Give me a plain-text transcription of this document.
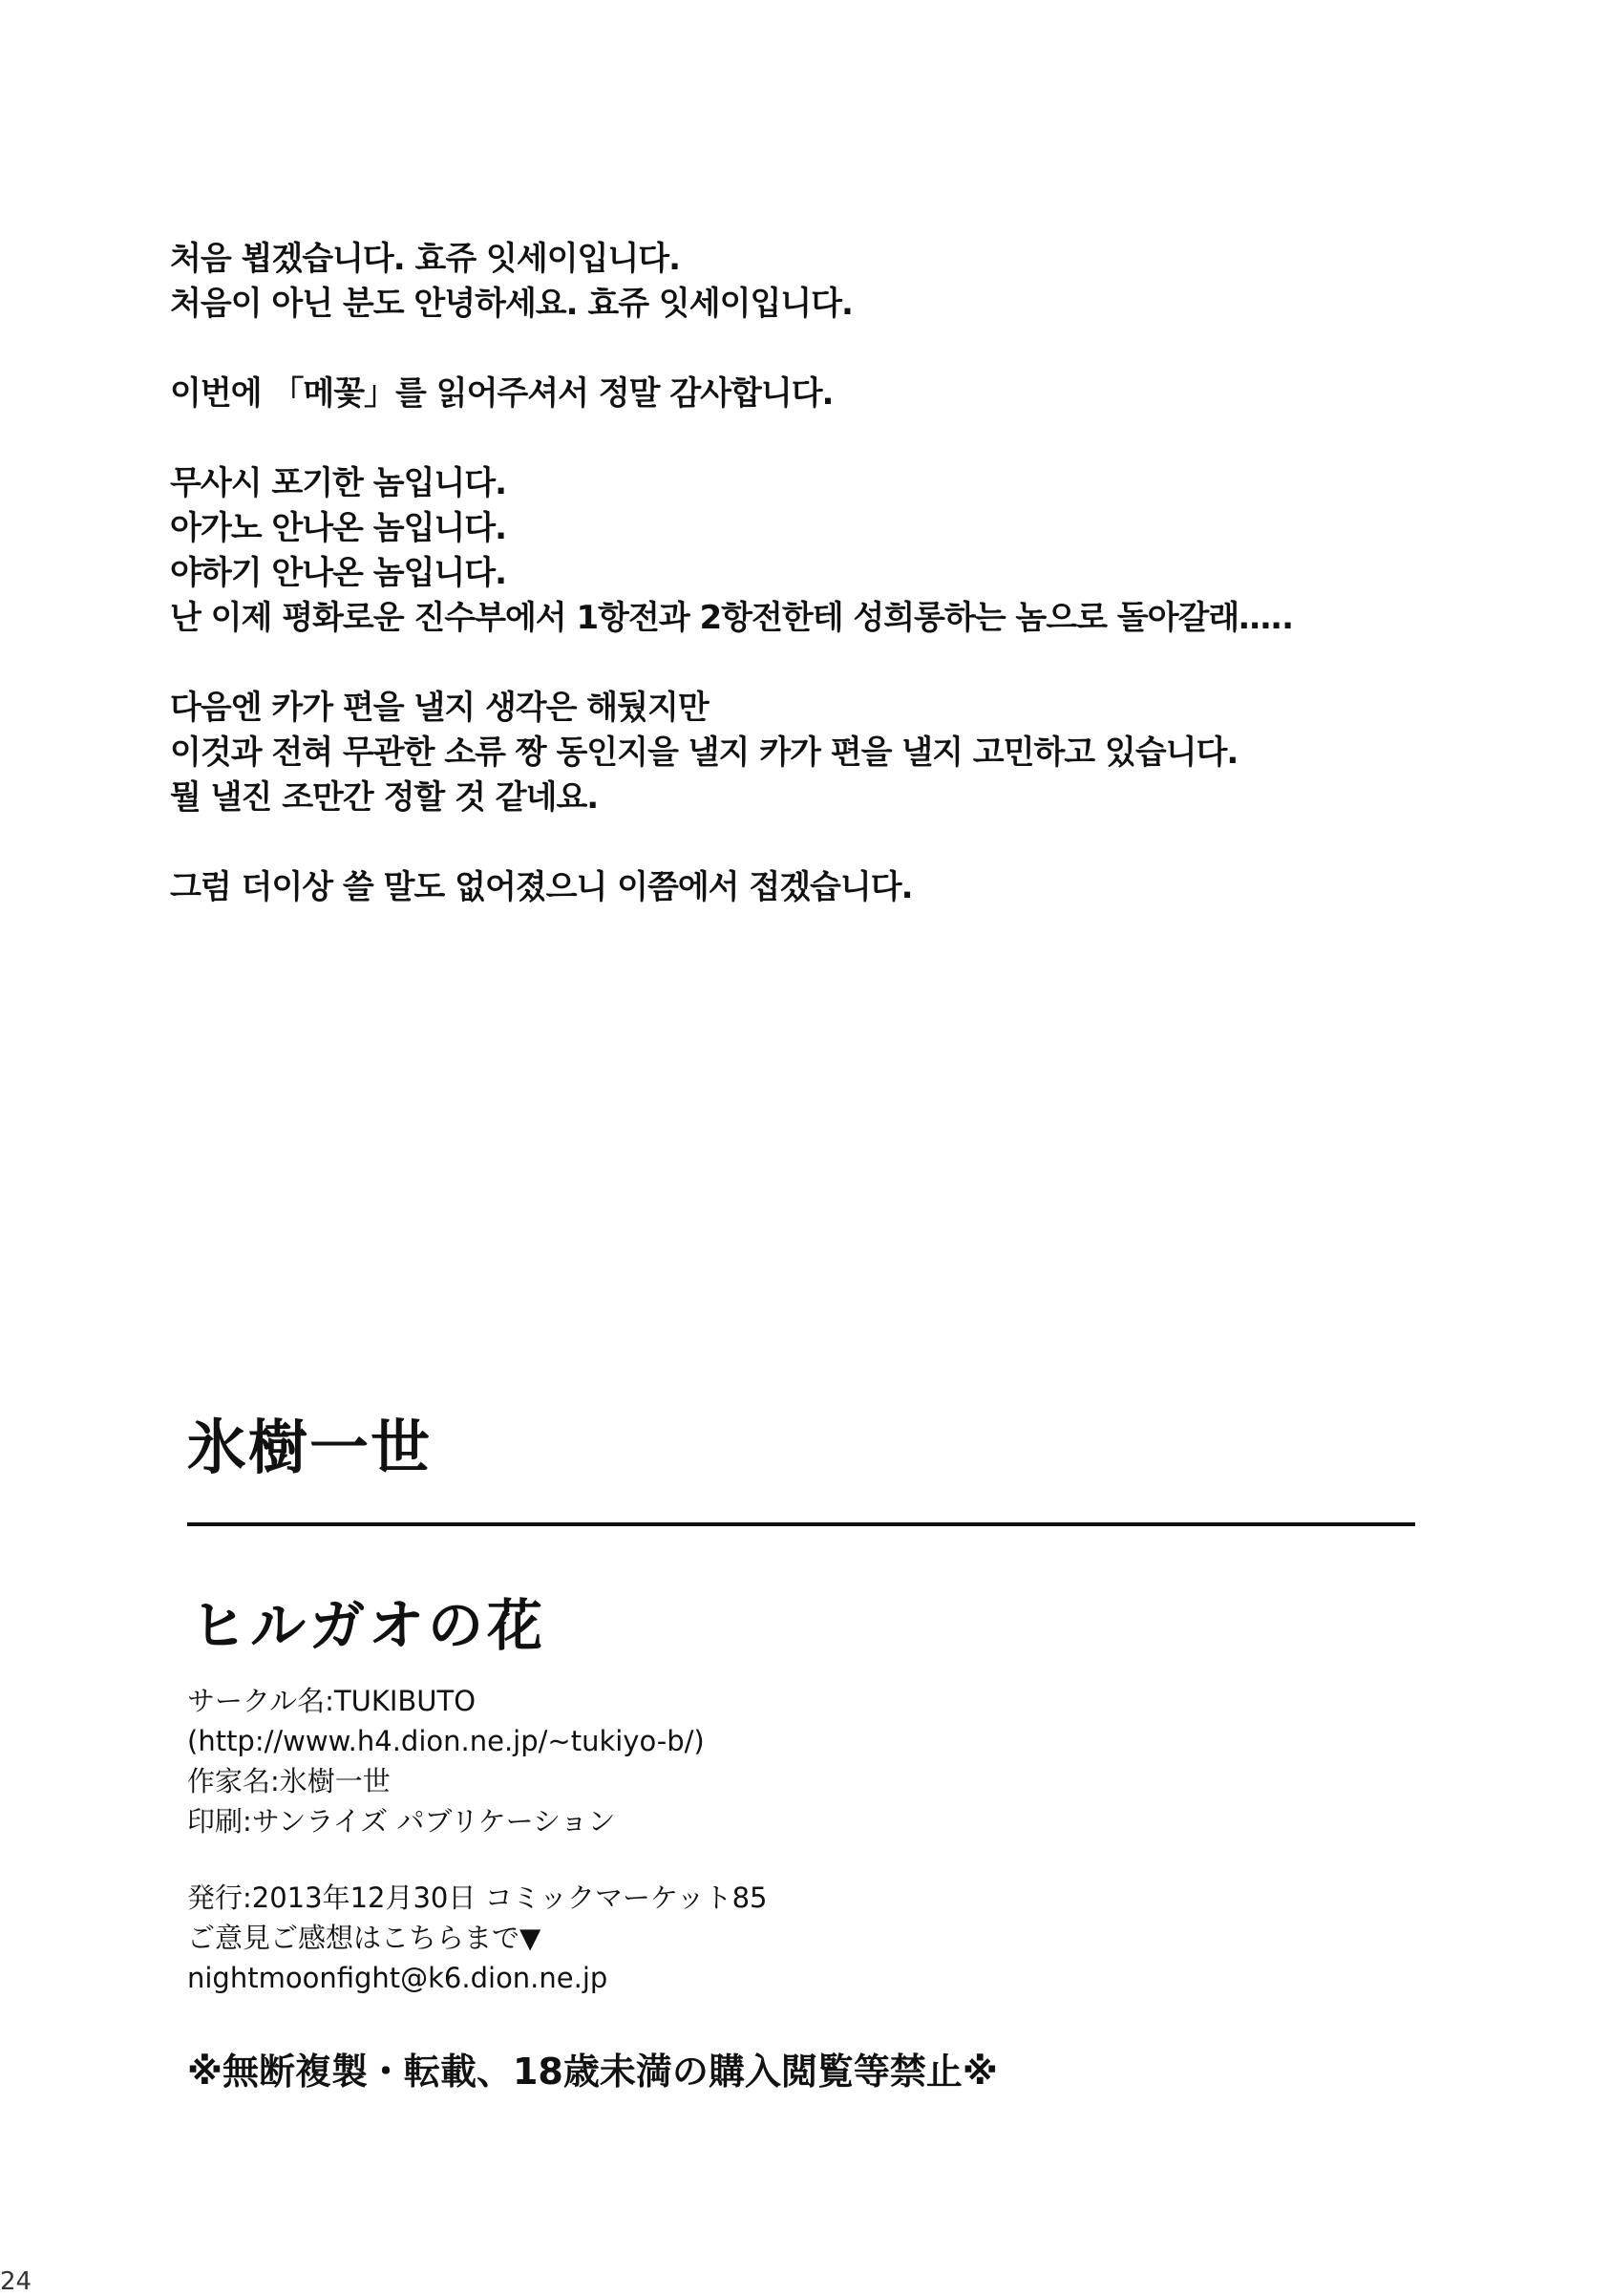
처음 뵙겠습니다. 효쥬 잇세이입니다.
처음이 아닌 분도 안녕하세요. 효쥬 잇세이입니다.
이번에 「메꽃」를 읽어주셔서 정말 감사합니다.
무사시 포기한 놈입니다.
아가노 안나온 놈입니다.
야하기 안나온 놈입니다.
난 이제 평화로운 진수부에서 1항전과 2항전한테 성희롱하는 놈으로 돌아갈래…..
다음엔 카가 편을 낼지 생각은 해뒀지만
이것과 전혀 무관한 소류 짱 동인지을 낼지 카가 편을 낼지 고민하고 있습니다.
뭘 낼진 조만간 정할 것 같네요.
그럼 더이상 쓸 말도 없어졌으니 이쯤에서 접겠습니다.
氷樹一世
ヒルガオの花
サークル名:TUKIBUTO
(http://www.h4.dion.ne.jp/~tukiyo-b/)
作家名:氷樹一世
印刷:サンライズ パブリケーション
発行:2013年12月30日 コミックマーケット85
ご意見ご感想はこちらまで▼
nightmoonfight@k6.dion.ne.jp
※無断複製・転載、18歳未満の購入閲覧等禁止※
24
